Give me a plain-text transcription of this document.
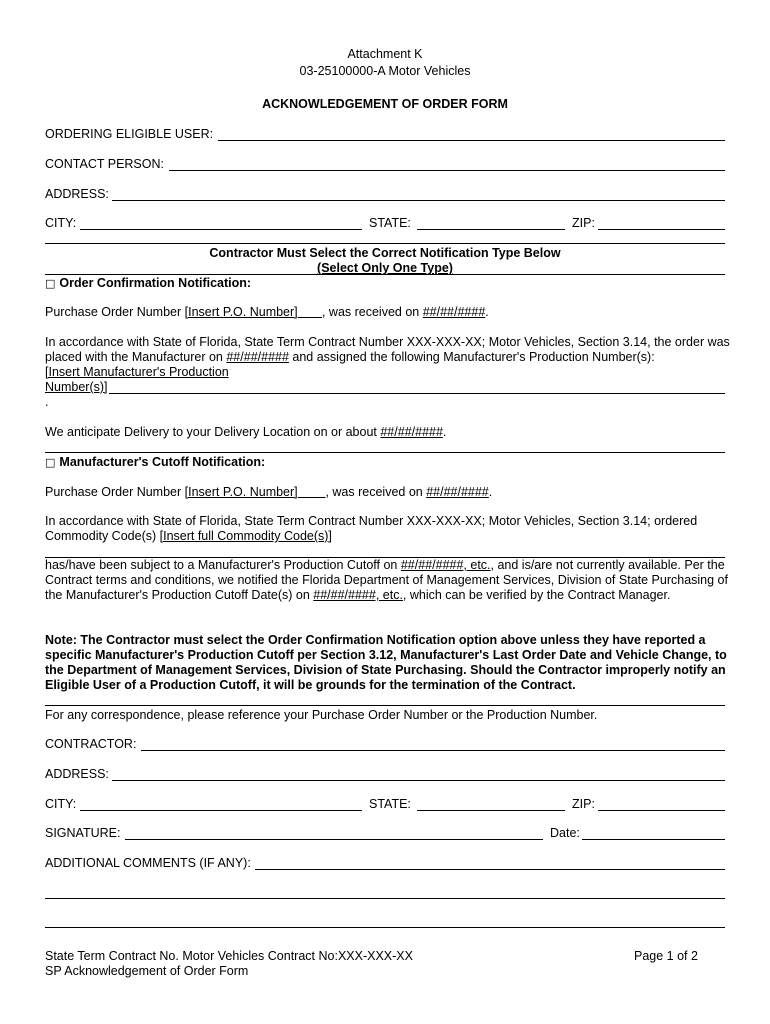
Attachment K
03-25100000-A Motor Vehicles
ACKNOWLEDGEMENT OF ORDER FORM
ORDERING ELIGIBLE USER:
CONTACT PERSON:
ADDRESS:
CITY:	STATE:	ZIP:
Contractor Must Select the Correct Notification Type Below
(Select Only One Type)
□ Order Confirmation Notification:
Purchase Order Number [Insert P.O. Number] , was received on ##/##/####.
In accordance with State of Florida, State Term Contract Number XXX-XXX-XX; Motor Vehicles, Section 3.14, the order was placed with the Manufacturer on ##/##/#### and assigned the following Manufacturer's Production Number(s):
[Insert Manufacturer's Production
Number(s)]
.
We anticipate Delivery to your Delivery Location on or about ##/##/####.
□ Manufacturer's Cutoff Notification:
Purchase Order Number [Insert P.O. Number] , was received on ##/##/####.
In accordance with State of Florida, State Term Contract Number XXX-XXX-XX; Motor Vehicles, Section 3.14; ordered
Commodity Code(s) [Insert full Commodity Code(s)]
has/have been subject to a Manufacturer's Production Cutoff on ##/##/####, etc., and is/are not currently available. Per the Contract terms and conditions, we notified the Florida Department of Management Services, Division of State Purchasing of the Manufacturer's Production Cutoff Date(s) on ##/##/####, etc., which can be verified by the Contract Manager.
Note: The Contractor must select the Order Confirmation Notification option above unless they have reported a specific Manufacturer's Production Cutoff per Section 3.12, Manufacturer's Last Order Date and Vehicle Change, to the Department of Management Services, Division of State Purchasing. Should the Contractor improperly notify an Eligible User of a Production Cutoff, it will be grounds for the termination of the Contract.
For any correspondence, please reference your Purchase Order Number or the Production Number.
CONTRACTOR:
ADDRESS:
CITY:	STATE:	ZIP:
SIGNATURE:	Date:
ADDITIONAL COMMENTS (IF ANY):
State Term Contract No. Motor Vehicles Contract No:XXX-XXX-XX
SP Acknowledgement of Order Form
Page 1 of 2
